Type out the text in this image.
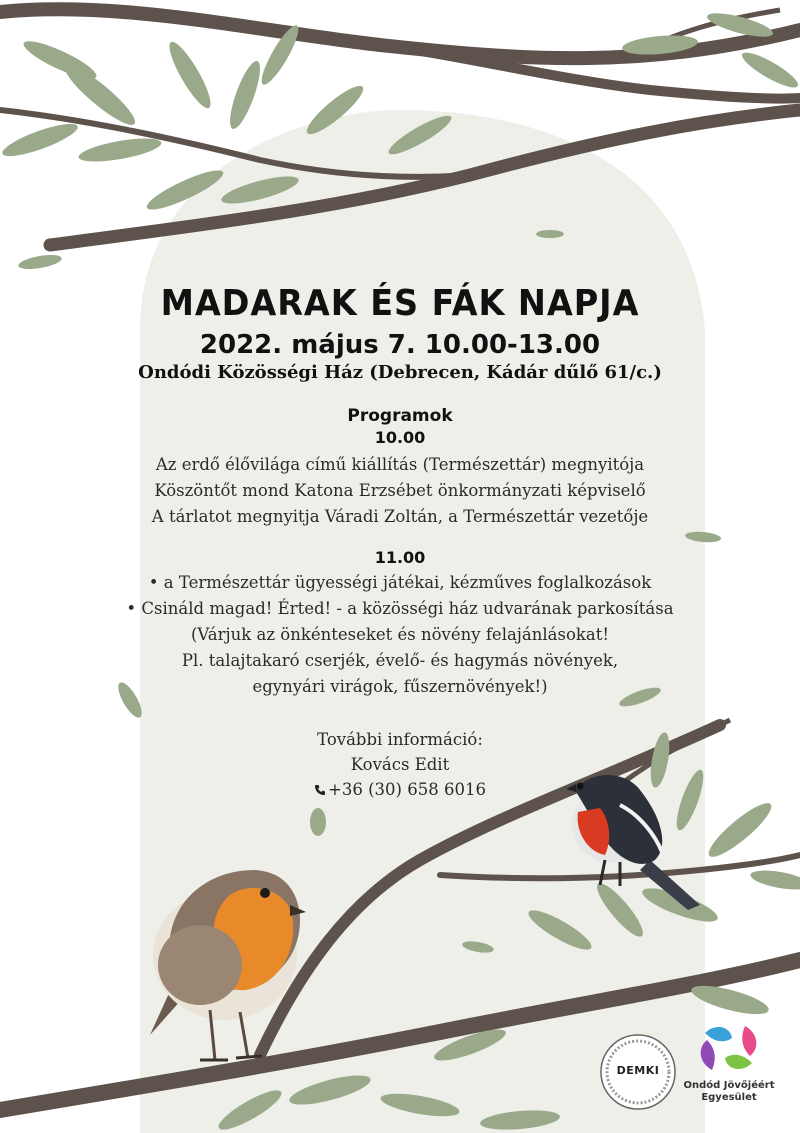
MADARAK ÉS FÁK NAPJA
2022. május 7. 10.00-13.00
Ondódi Közösségi Ház (Debrecen, Kádár dűlő 61/c.)
Programok
10.00
Az erdő élővilága című kiállítás (Természettár) megnyitója
Köszöntőt mond Katona Erzsébet önkormányzati képviselő
A tárlatot megnyitja Váradi Zoltán, a Természettár vezetője
11.00
• a Természettár ügyességi játékai, kézműves foglalkozások
• Csináld magad! Érted! - a közösségi ház udvarának parkosítása
(Várjuk az önkénteseket és növény felajánlásokat!
Pl. talajtakaró cserjék, évelő- és hagymás növények,
egynyári virágok, fűszernövények!)
További információ:
Kovács Edit
+36 (30) 658 6016
DEMKI
Ondód Jövőjéért Egyesület
